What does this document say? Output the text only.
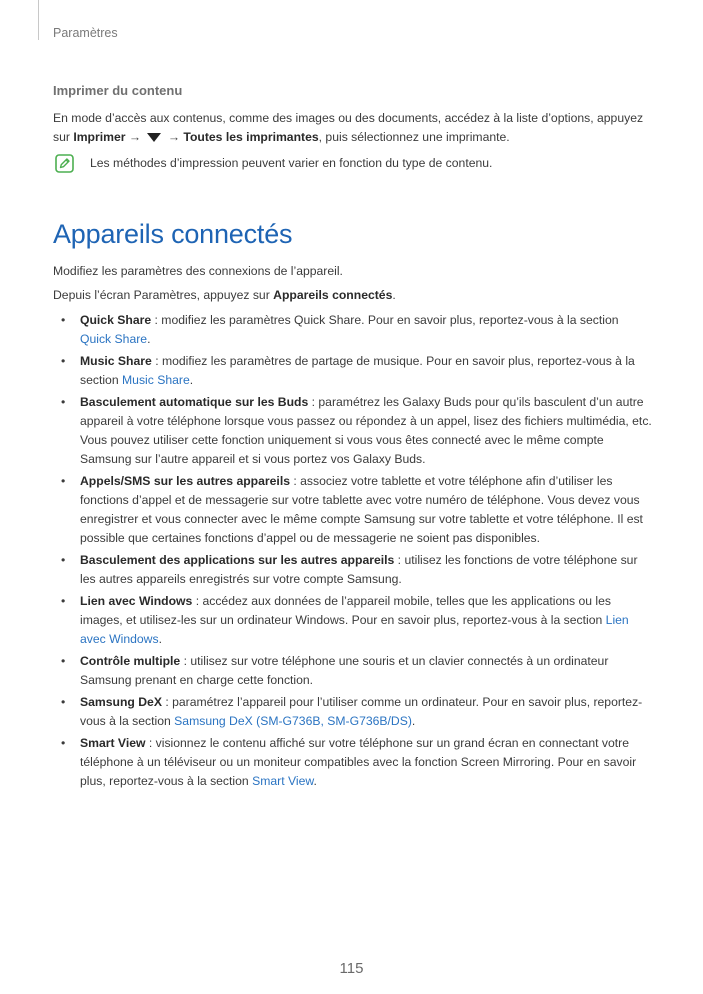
Paramètres
Imprimer du contenu
En mode d’accès aux contenus, comme des images ou des documents, accédez à la liste d’options, appuyez sur Imprimer →  → Toutes les imprimantes, puis sélectionnez une imprimante.
Les méthodes d’impression peuvent varier en fonction du type de contenu.
Appareils connectés
Modifiez les paramètres des connexions de l’appareil.
Depuis l’écran Paramètres, appuyez sur Appareils connectés.
• Quick Share : modifiez les paramètres Quick Share. Pour en savoir plus, reportez-vous à la section Quick Share.
• Music Share : modifiez les paramètres de partage de musique. Pour en savoir plus, reportez-vous à la section Music Share.
• Basculement automatique sur les Buds : paramétrez les Galaxy Buds pour qu’ils basculent d’un autre appareil à votre téléphone lorsque vous passez ou répondez à un appel, lisez des fichiers multimédia, etc. Vous pouvez utiliser cette fonction uniquement si vous vous êtes connecté avec le même compte Samsung sur l’autre appareil et si vous portez vos Galaxy Buds.
• Appels/SMS sur les autres appareils : associez votre tablette et votre téléphone afin d’utiliser les fonctions d’appel et de messagerie sur votre tablette avec votre numéro de téléphone. Vous devez vous enregistrer et vous connecter avec le même compte Samsung sur votre tablette et votre téléphone. Il est possible que certaines fonctions d’appel ou de messagerie ne soient pas disponibles.
• Basculement des applications sur les autres appareils : utilisez les fonctions de votre téléphone sur les autres appareils enregistrés sur votre compte Samsung.
• Lien avec Windows : accédez aux données de l’appareil mobile, telles que les applications ou les images, et utilisez-les sur un ordinateur Windows. Pour en savoir plus, reportez-vous à la section Lien avec Windows.
• Contrôle multiple : utilisez sur votre téléphone une souris et un clavier connectés à un ordinateur Samsung prenant en charge cette fonction.
• Samsung DeX : paramétrez l’appareil pour l’utiliser comme un ordinateur. Pour en savoir plus, reportez-vous à la section Samsung DeX (SM-G736B, SM-G736B/DS).
• Smart View : visionnez le contenu affiché sur votre téléphone sur un grand écran en connectant votre téléphone à un téléviseur ou un moniteur compatibles avec la fonction Screen Mirroring. Pour en savoir plus, reportez-vous à la section Smart View.
115
